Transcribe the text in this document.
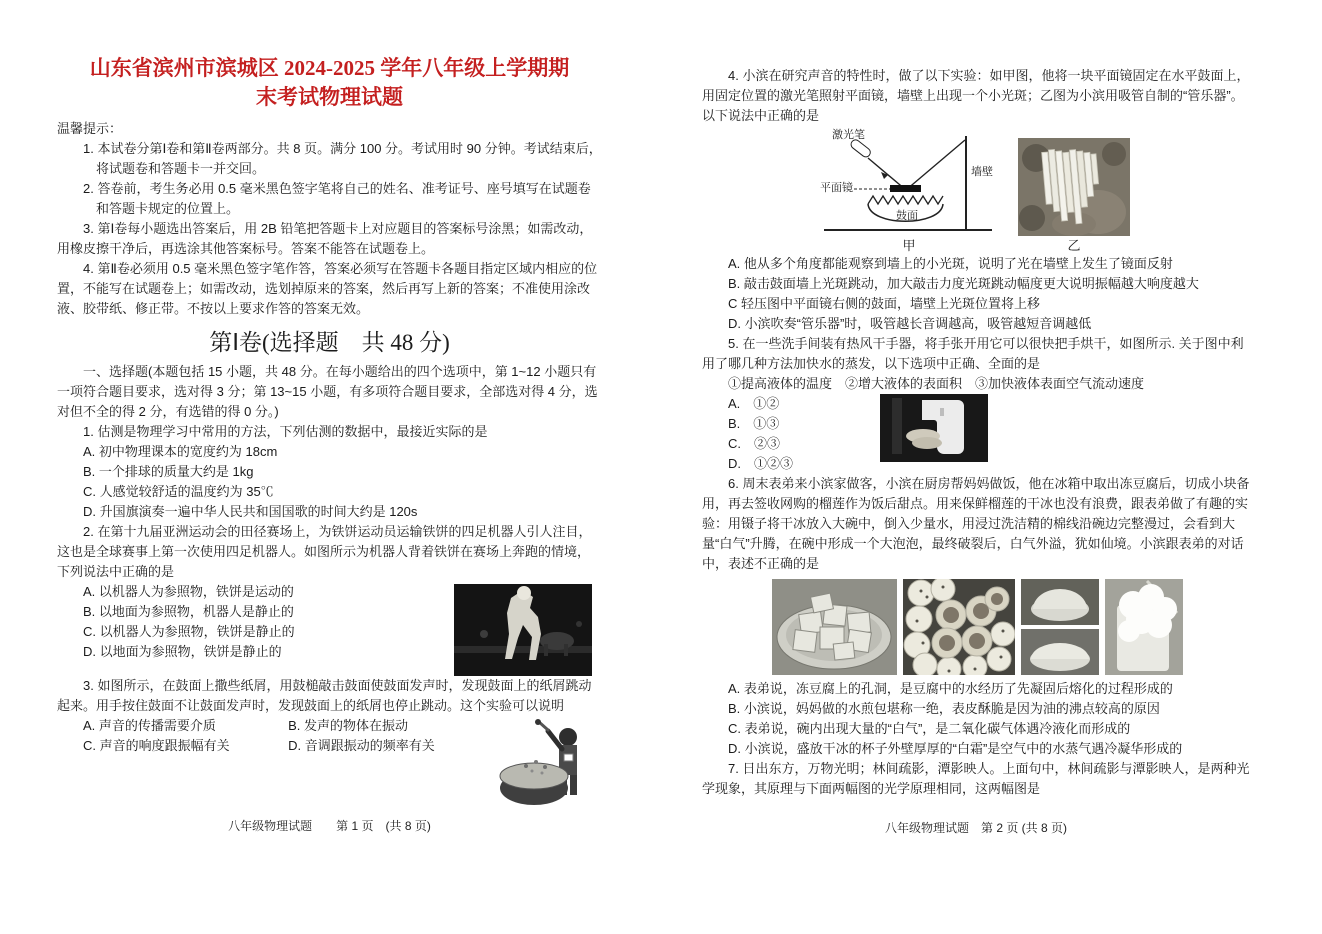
山东省滨州市滨城区 2024-2025 学年八年级上学期期
末考试物理试题

温馨提示：

1. 本试卷分第Ⅰ卷和第Ⅱ卷两部分。共 8 页。满分 100 分。考试用时 90 分钟。考试结束后，将试题卷和答题卡一并交回。

2. 答卷前，考生务必用 0.5 毫米黑色签字笔将自己的姓名、准考证号、座号填写在试题卷和答题卡规定的位置上。

3. 第Ⅰ卷每小题选出答案后，用 2B 铅笔把答题卡上对应题目的答案标号涂黑；如需改动，用橡皮擦干净后，再选涂其他答案标号。答案不能答在试题卷上。

4. 第Ⅱ卷必须用 0.5 毫米黑色签字笔作答，答案必须写在答题卡各题目指定区域内相应的位置，不能写在试题卷上；如需改动，选划掉原来的答案，然后再写上新的答案；不准使用涂改液、胶带纸、修正带。不按以上要求作答的答案无效。

第Ⅰ卷(选择题　共 48 分)

一、选择题(本题包括 15 小题，共 48 分。在每小题给出的四个选项中，第 1~12 小题只有一项符合题目要求，选对得 3 分；第 13~15 小题，有多项符合题目要求，全部选对得 4 分，选对但不全的得 2 分，有选错的得 0 分。)

1. 估测是物理学习中常用的方法，下列估测的数据中，最接近实际的是

A. 初中物理课本的宽度约为 18cm

B. 一个排球的质量大约是 1kg

C. 人感觉较舒适的温度约为 35℃

D. 升国旗演奏一遍中华人民共和国国歌的时间大约是 120s

2. 在第十九届亚洲运动会的田径赛场上，为铁饼运动员运输铁饼的四足机器人引人注目，这也是全球赛事上第一次使用四足机器人。如图所示为机器人背着铁饼在赛场上奔跑的情境，下列说法中正确的是

A. 以机器人为参照物，铁饼是运动的

B. 以地面为参照物，机器人是静止的

C. 以机器人为参照物，铁饼是静止的

D. 以地面为参照物，铁饼是静止的

3. 如图所示，在鼓面上撒些纸屑，用鼓槌敲击鼓面使鼓面发声时，发现鼓面上的纸屑跳动起来。用手按住鼓面不让鼓面发声时，发现鼓面上的纸屑也停止跳动。这个实验可以说明

A. 声音的传播需要介质	B. 发声的物体在振动

C. 声音的响度跟振幅有关	D. 音调跟振动的频率有关

八年级物理试题　　第 1 页　(共 8 页)

4. 小滨在研究声音的特性时，做了以下实验：如甲图，他将一块平面镜固定在水平鼓面上，用固定位置的激光笔照射平面镜，墙壁上出现一个小光斑；乙图为小滨用吸管自制的“管乐器”。以下说法中正确的是

激光笔
墙壁
平面镜
鼓面
甲	乙

A. 他从多个角度都能观察到墙上的小光斑，说明了光在墙壁上发生了镜面反射

B. 敲击鼓面墙上光斑跳动，加大敲击力度光斑跳动幅度更大说明振幅越大响度越大

C 轻压图中平面镜右侧的鼓面，墙壁上光斑位置将上移

D. 小滨吹奏“管乐器”时，吸管越长音调越高，吸管越短音调越低

5. 在一些洗手间装有热风干手器，将手张开用它可以很快把手烘干，如图所示. 关于图中利用了哪几种方法加快水的蒸发，以下选项中正确、全面的是

①提高液体的温度　②增大液体的表面积　③加快液体表面空气流动速度

A.　①②

B.　①③

C.　②③

D.　①②③

6. 周末表弟来小滨家做客，小滨在厨房帮妈妈做饭，他在冰箱中取出冻豆腐后，切成小块备用，再去签收网购的榴莲作为饭后甜点。用来保鲜榴莲的干冰也没有浪费，跟表弟做了有趣的实验：用镊子将干冰放入大碗中，倒入少量水，用浸过洗洁精的棉线沿碗边完整漫过，会看到大量“白气”升腾，在碗中形成一个大泡泡，最终破裂后，白气外溢，犹如仙境。小滨跟表弟的对话中，表述不正确的是

A. 表弟说，冻豆腐上的孔洞，是豆腐中的水经历了先凝固后熔化的过程形成的

B. 小滨说，妈妈做的水煎包堪称一绝，表皮酥脆是因为油的沸点较高的原因

C. 表弟说，碗内出现大量的“白气”，是二氧化碳气体遇冷液化而形成的

D. 小滨说，盛放干冰的杯子外壁厚厚的“白霜”是空气中的水蒸气遇冷凝华形成的

7. 日出东方，万物光明；林间疏影，潭影映人。上面句中，林间疏影与潭影映人，是两种光学现象，其原理与下面两幅图的光学原理相同，这两幅图是

八年级物理试题　第 2 页 (共 8 页)
